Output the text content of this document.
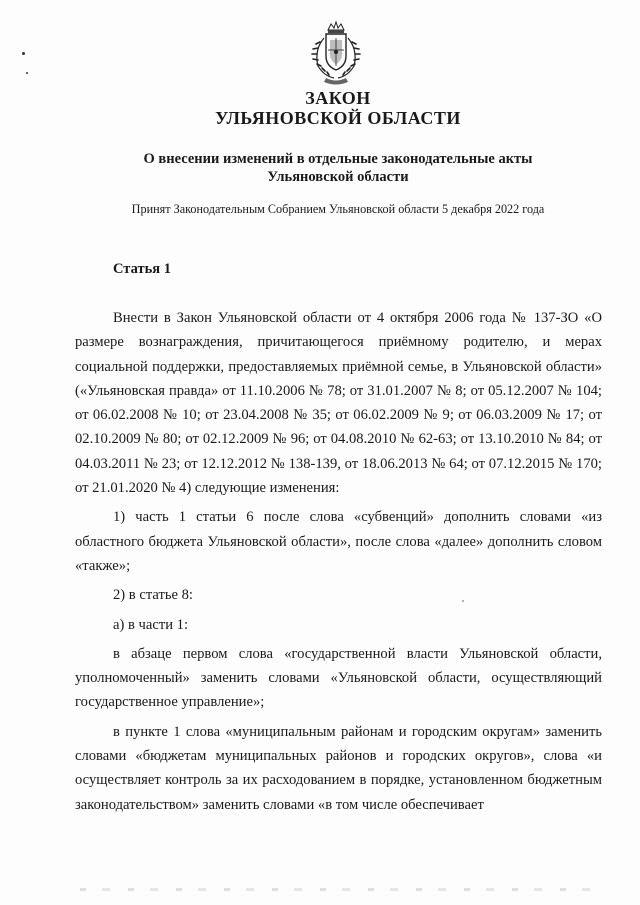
ЗАКОН
УЛЬЯНОВСКОЙ ОБЛАСТИ
О внесении изменений в отдельные законодательные акты
Ульяновской области
Принят Законодательным Собранием Ульяновской области 5 декабря 2022 года
Статья 1

Внести в Закон Ульяновской области от 4 октября 2006 года № 137-ЗО «О размере вознаграждения, причитающегося приёмному родителю, и мерах социальной поддержки, предоставляемых приёмной семье, в Ульяновской области» («Ульяновская правда» от 11.10.2006 № 78; от 31.01.2007 № 8; от 05.12.2007 № 104; от 06.02.2008 № 10; от 23.04.2008 № 35; от 06.02.2009 № 9; от 06.03.2009 № 17; от 02.10.2009 № 80; от 02.12.2009 № 96; от 04.08.2010 № 62-63; от 13.10.2010 № 84; от 04.03.2011 № 23; от 12.12.2012 № 138-139, от 18.06.2013 № 64; от 07.12.2015 № 170; от 21.01.2020 № 4) следующие изменения:

1) часть 1 статьи 6 после слова «субвенций» дополнить словами «из областного бюджета Ульяновской области», после слова «далее» дополнить словом «также»;

2) в статье 8:

а) в части 1:

в абзаце первом слова «государственной власти Ульяновской области, уполномоченный» заменить словами «Ульяновской области, осуществляющий государственное управление»;

в пункте 1 слова «муниципальным районам и городским округам» заменить словами «бюджетам муниципальных районов и городских округов», слова «и осуществляет контроль за их расходованием в порядке, установленном бюджетным законодательством» заменить словами «в том числе обеспечивает
